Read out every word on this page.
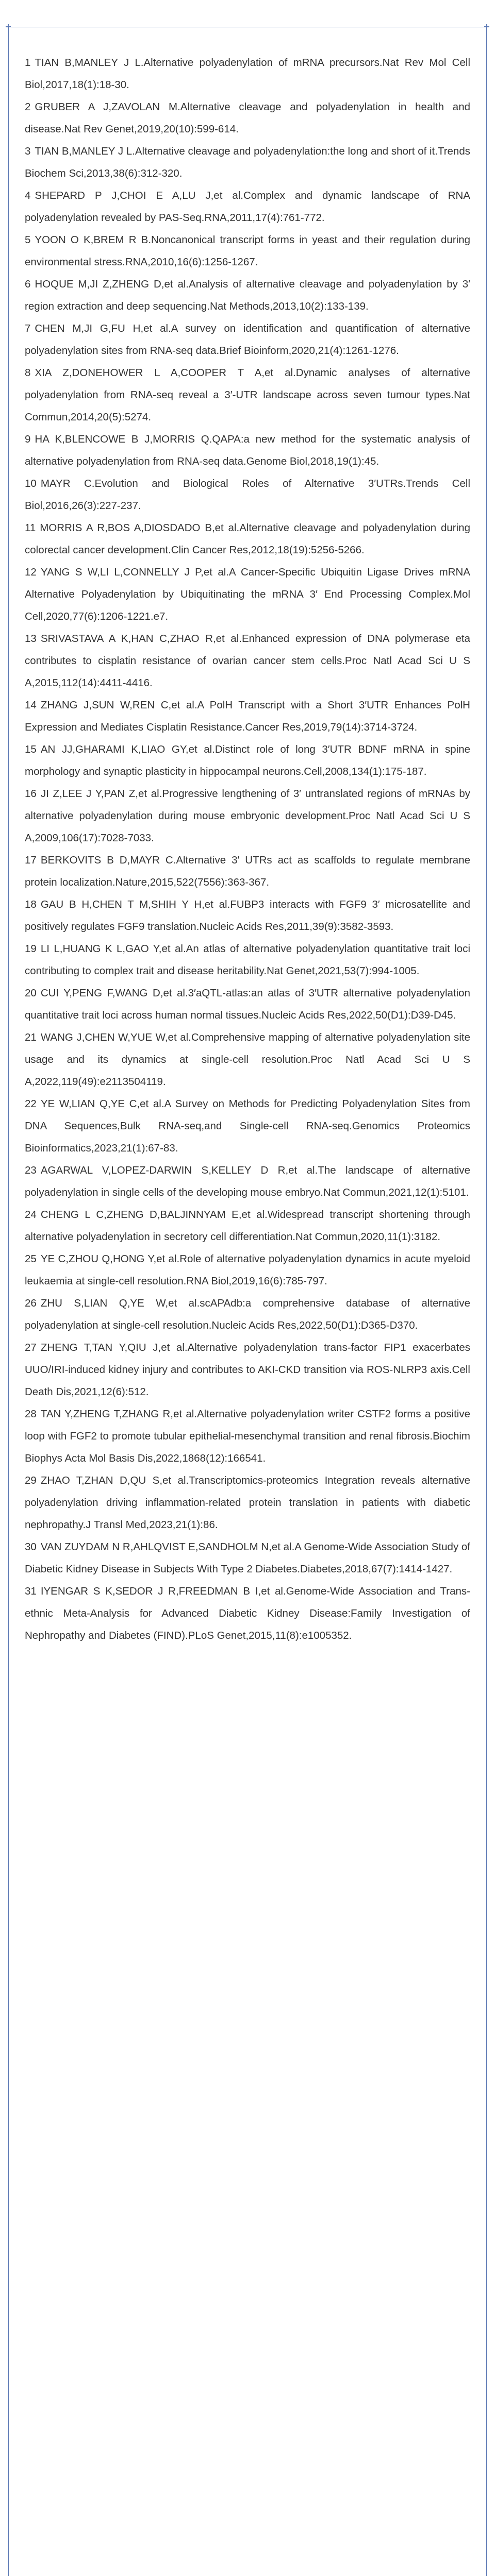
1 TIAN B,MANLEY J L.Alternative polyadenylation of mRNA precursors.Nat Rev Mol Cell Biol,2017,18(1):18-30.
2 GRUBER A J,ZAVOLAN M.Alternative cleavage and polyadenylation in health and disease.Nat Rev Genet,2019,20(10):599-614.
3 TIAN B,MANLEY J L.Alternative cleavage and polyadenylation:the long and short of it.Trends Biochem Sci,2013,38(6):312-320.
4 SHEPARD P J,CHOI E A,LU J,et al.Complex and dynamic landscape of RNA polyadenylation revealed by PAS-Seq.RNA,2011,17(4):761-772.
5 YOON O K,BREM R B.Noncanonical transcript forms in yeast and their regulation during environmental stress.RNA,2010,16(6):1256-1267.
6 HOQUE M,JI Z,ZHENG D,et al.Analysis of alternative cleavage and polyadenylation by 3′ region extraction and deep sequencing.Nat Methods,2013,10(2):133-139.
7 CHEN M,JI G,FU H,et al.A survey on identification and quantification of alternative polyadenylation sites from RNA-seq data.Brief Bioinform,2020,21(4):1261-1276.
8 XIA Z,DONEHOWER L A,COOPER T A,et al.Dynamic analyses of alternative polyadenylation from RNA-seq reveal a 3′-UTR landscape across seven tumour types.Nat Commun,2014,20(5):5274.
9 HA K,BLENCOWE B J,MORRIS Q.QAPA:a new method for the systematic analysis of alternative polyadenylation from RNA-seq data.Genome Biol,2018,19(1):45.
10 MAYR C.Evolution and Biological Roles of Alternative 3′UTRs.Trends Cell Biol,2016,26(3):227-237.
11 MORRIS A R,BOS A,DIOSDADO B,et al.Alternative cleavage and polyadenylation during colorectal cancer development.Clin Cancer Res,2012,18(19):5256-5266.
12 YANG S W,LI L,CONNELLY J P,et al.A Cancer-Specific Ubiquitin Ligase Drives mRNA Alternative Polyadenylation by Ubiquitinating the mRNA 3′ End Processing Complex.Mol Cell,2020,77(6):1206-1221.e7.
13 SRIVASTAVA A K,HAN C,ZHAO R,et al.Enhanced expression of DNA polymerase eta contributes to cisplatin resistance of ovarian cancer stem cells.Proc Natl Acad Sci U S A,2015,112(14):4411-4416.
14 ZHANG J,SUN W,REN C,et al.A PolH Transcript with a Short 3′UTR Enhances PolH Expression and Mediates Cisplatin Resistance.Cancer Res,2019,79(14):3714-3724.
15 AN JJ,GHARAMI K,LIAO GY,et al.Distinct role of long 3′UTR BDNF mRNA in spine morphology and synaptic plasticity in hippocampal neurons.Cell,2008,134(1):175-187.
16 JI Z,LEE J Y,PAN Z,et al.Progressive lengthening of 3′ untranslated regions of mRNAs by alternative polyadenylation during mouse embryonic development.Proc Natl Acad Sci U S A,2009,106(17):7028-7033.
17 BERKOVITS B D,MAYR C.Alternative 3′ UTRs act as scaffolds to regulate membrane protein localization.Nature,2015,522(7556):363-367.
18 GAU B H,CHEN T M,SHIH Y H,et al.FUBP3 interacts with FGF9 3′ microsatellite and positively regulates FGF9 translation.Nucleic Acids Res,2011,39(9):3582-3593.
19 LI L,HUANG K L,GAO Y,et al.An atlas of alternative polyadenylation quantitative trait loci contributing to complex trait and disease heritability.Nat Genet,2021,53(7):994-1005.
20 CUI Y,PENG F,WANG D,et al.3′aQTL-atlas:an atlas of 3′UTR alternative polyadenylation quantitative trait loci across human normal tissues.Nucleic Acids Res,2022,50(D1):D39-D45.
21 WANG J,CHEN W,YUE W,et al.Comprehensive mapping of alternative polyadenylation site usage and its dynamics at single-cell resolution.Proc Natl Acad Sci U S A,2022,119(49):e2113504119.
22 YE W,LIAN Q,YE C,et al.A Survey on Methods for Predicting Polyadenylation Sites from DNA Sequences,Bulk RNA-seq,and Single-cell RNA-seq.Genomics Proteomics Bioinformatics,2023,21(1):67-83.
23 AGARWAL V,LOPEZ-DARWIN S,KELLEY D R,et al.The landscape of alternative polyadenylation in single cells of the developing mouse embryo.Nat Commun,2021,12(1):5101.
24 CHENG L C,ZHENG D,BALJINNYAM E,et al.Widespread transcript shortening through alternative polyadenylation in secretory cell differentiation.Nat Commun,2020,11(1):3182.
25 YE C,ZHOU Q,HONG Y,et al.Role of alternative polyadenylation dynamics in acute myeloid leukaemia at single-cell resolution.RNA Biol,2019,16(6):785-797.
26 ZHU S,LIAN Q,YE W,et al.scAPAdb:a comprehensive database of alternative polyadenylation at single-cell resolution.Nucleic Acids Res,2022,50(D1):D365-D370.
27 ZHENG T,TAN Y,QIU J,et al.Alternative polyadenylation trans-factor FIP1 exacerbates UUO/IRI-induced kidney injury and contributes to AKI-CKD transition via ROS-NLRP3 axis.Cell Death Dis,2021,12(6):512.
28 TAN Y,ZHENG T,ZHANG R,et al.Alternative polyadenylation writer CSTF2 forms a positive loop with FGF2 to promote tubular epithelial-mesenchymal transition and renal fibrosis.Biochim Biophys Acta Mol Basis Dis,2022,1868(12):166541.
29 ZHAO T,ZHAN D,QU S,et al.Transcriptomics-proteomics Integration reveals alternative polyadenylation driving inflammation-related protein translation in patients with diabetic nephropathy.J Transl Med,2023,21(1):86.
30 VAN ZUYDAM N R,AHLQVIST E,SANDHOLM N,et al.A Genome-Wide Association Study of Diabetic Kidney Disease in Subjects With Type 2 Diabetes.Diabetes,2018,67(7):1414-1427.
31 IYENGAR S K,SEDOR J R,FREEDMAN B I,et al.Genome-Wide Association and Trans-ethnic Meta-Analysis for Advanced Diabetic Kidney Disease:Family Investigation of Nephropathy and Diabetes (FIND).PLoS Genet,2015,11(8):e1005352.
